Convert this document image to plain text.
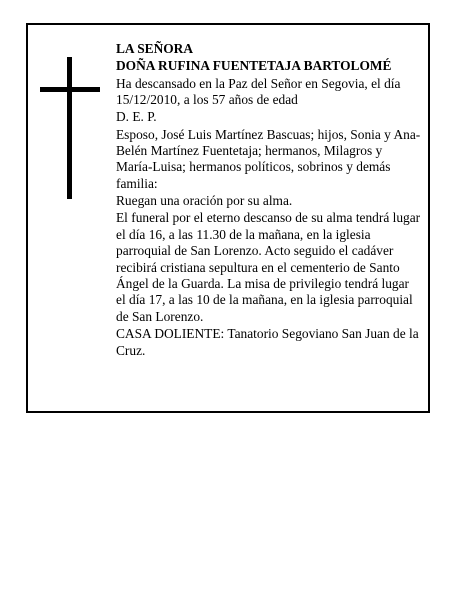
LA SEÑORA

DOÑA RUFINA FUENTETAJA BARTOLOMÉ

Ha descansado en la Paz del Señor en Segovia, el día 15/12/2010, a los 57 años de edad

D. E. P.

Esposo, José Luis Martínez Bascuas; hijos, Sonia y Ana-Belén Martínez Fuentetaja; hermanos, Milagros y María-Luisa; hermanos políticos, sobrinos y demás familia:

Ruegan una oración por su alma.

El funeral por el eterno descanso de su alma tendrá lugar el día 16, a las 11.30 de la mañana, en la iglesia parroquial de San Lorenzo. Acto seguido el cadáver recibirá cristiana sepultura en el cementerio de Santo Ángel de la Guarda. La misa de privilegio tendrá lugar el día 17, a las 10 de la mañana, en la iglesia parroquial de San Lorenzo.

CASA DOLIENTE: Tanatorio Segoviano San Juan de la Cruz.
